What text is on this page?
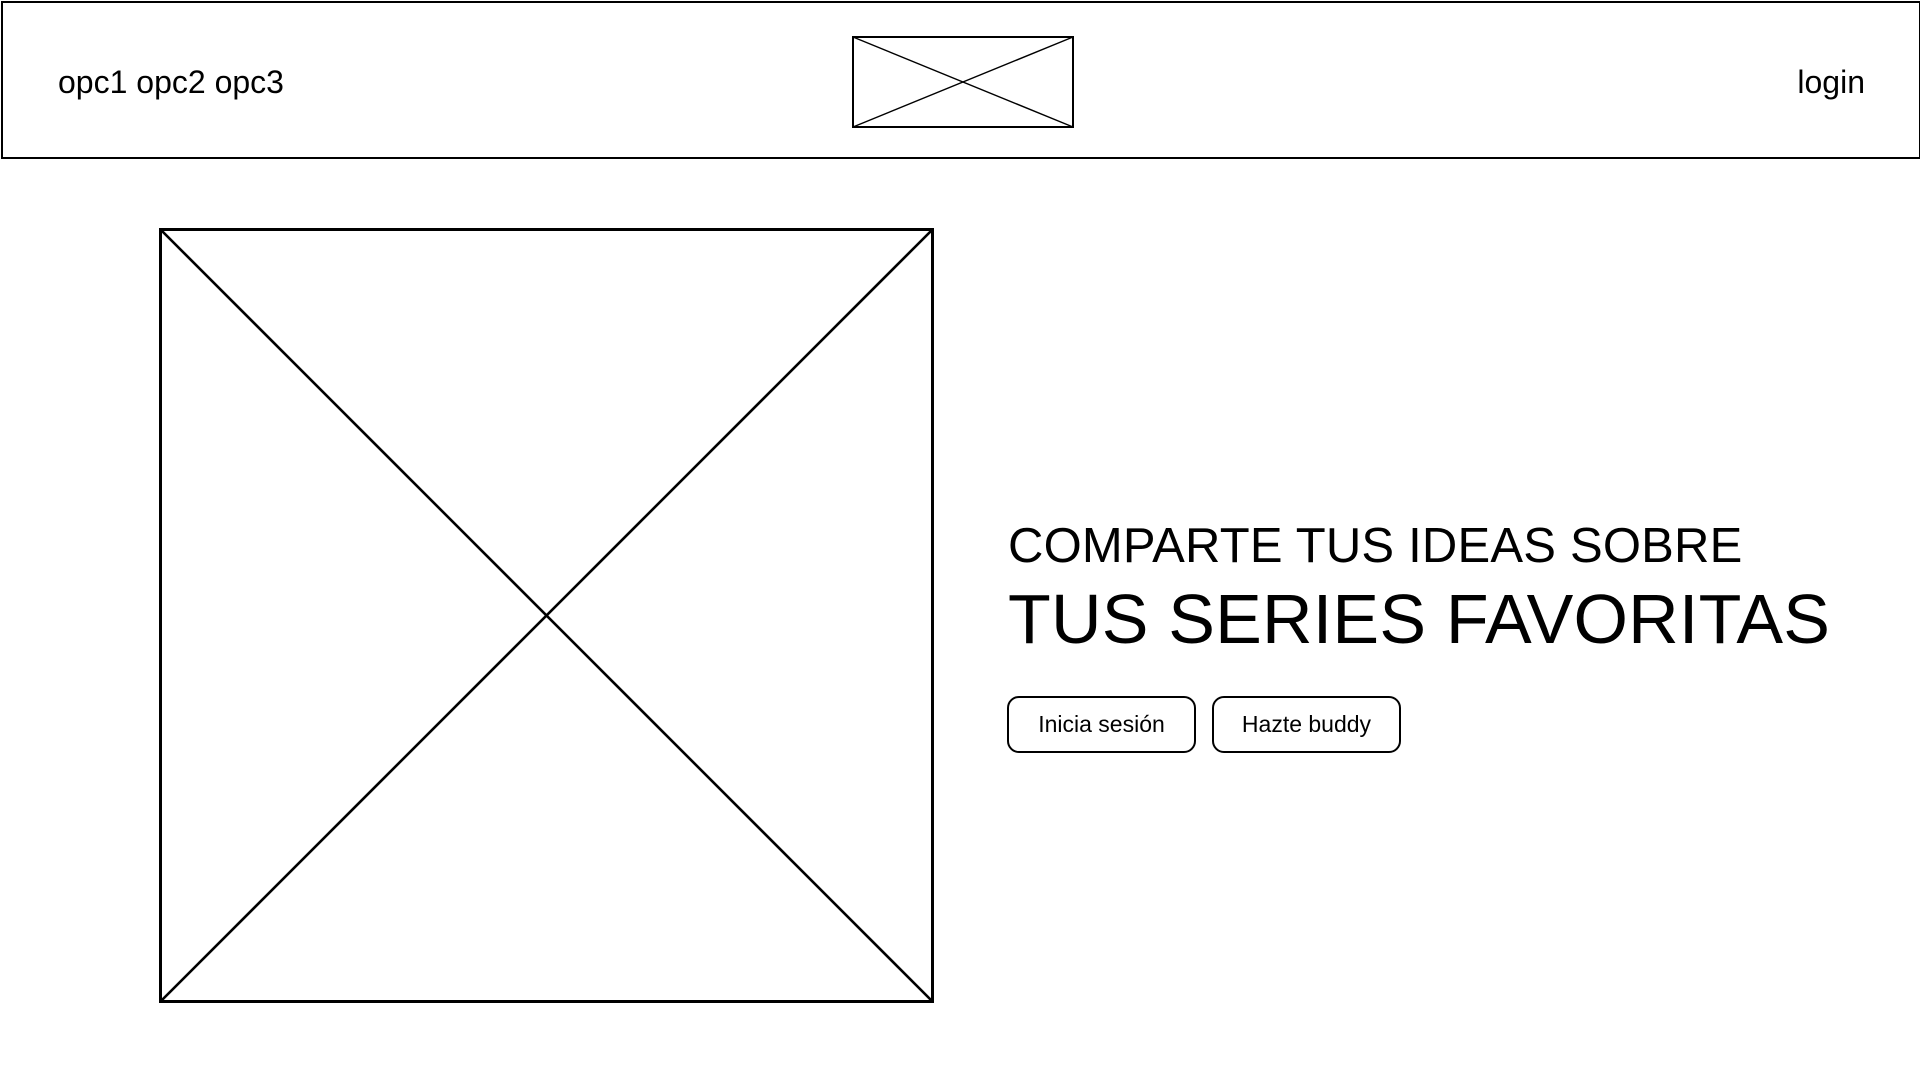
opc1 opc2 opc3	login
COMPARTE TUS IDEAS SOBRE
TUS SERIES FAVORITAS
Inicia sesión	Hazte buddy
